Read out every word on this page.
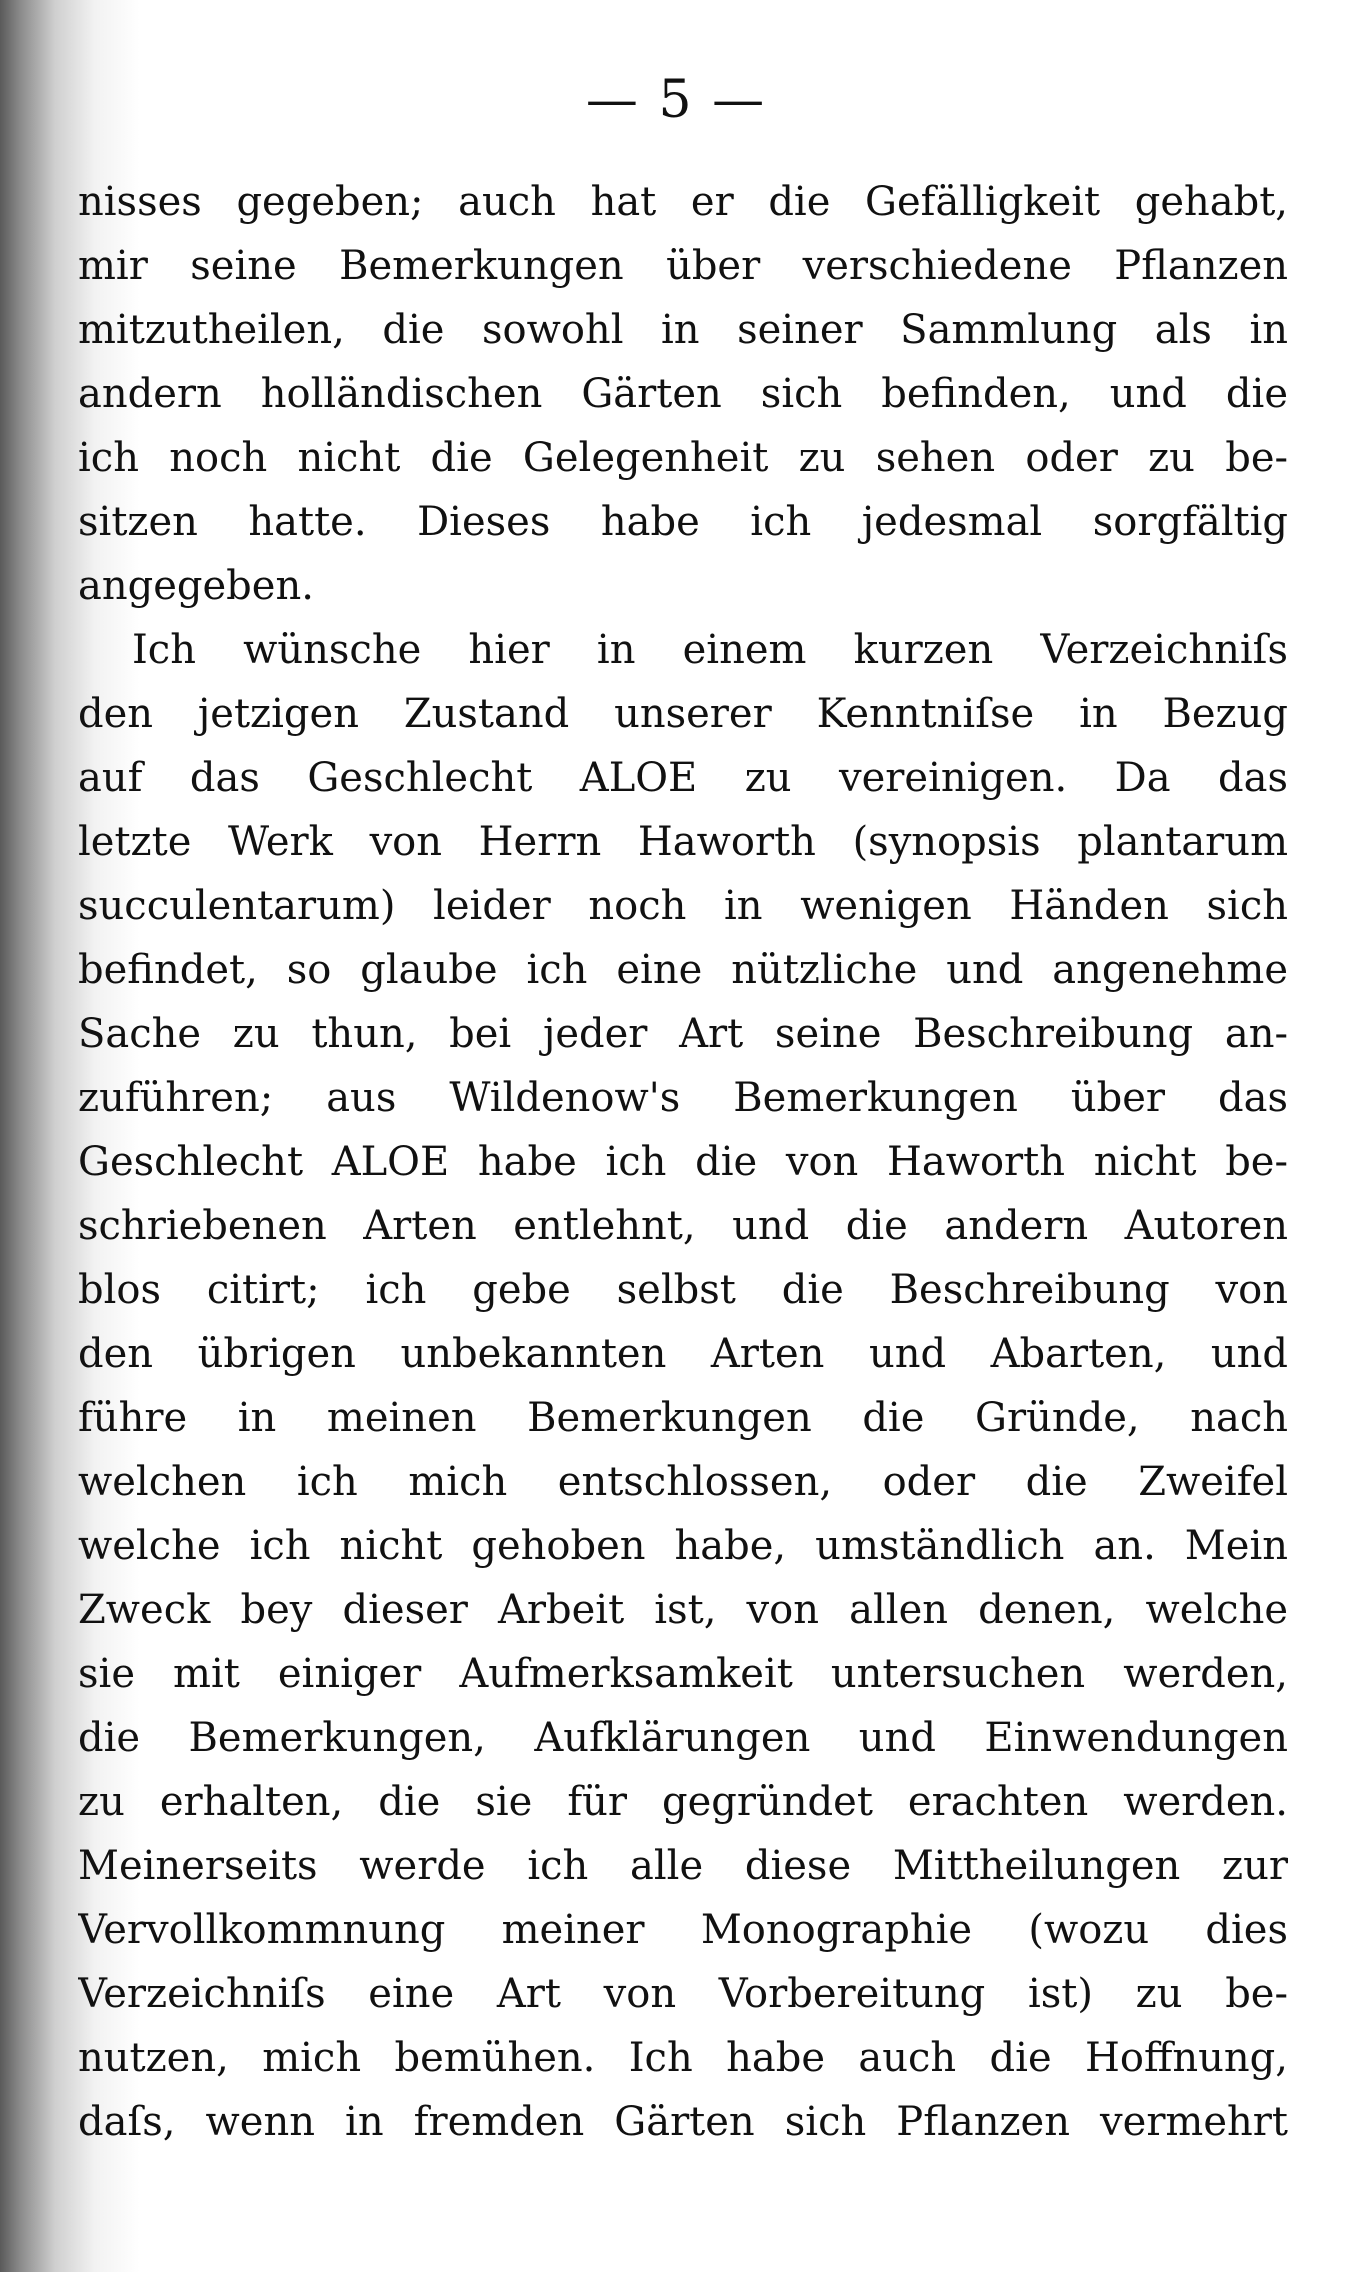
— 5 —
nisses gegeben; auch hat er die Gefälligkeit gehabt,
mir seine Bemerkungen über verschiedene Pflanzen
mitzutheilen, die sowohl in seiner Sammlung als in
andern holländischen Gärten sich befinden, und die
ich noch nicht die Gelegenheit zu sehen oder zu be-
sitzen hatte. Dieses habe ich jedesmal sorgfältig
angegeben.
Ich wünsche hier in einem kurzen Verzeichniſs
den jetzigen Zustand unserer Kenntniſse in Bezug
auf das Geschlecht ALOE zu vereinigen. Da das
letzte Werk von Herrn Haworth (synopsis plantarum
succulentarum) leider noch in wenigen Händen sich
befindet, so glaube ich eine nützliche und angenehme
Sache zu thun, bei jeder Art seine Beschreibung an-
zuführen; aus Wildenow's Bemerkungen über das
Geschlecht ALOE habe ich die von Haworth nicht be-
schriebenen Arten entlehnt, und die andern Autoren
blos citirt; ich gebe selbst die Beschreibung von
den übrigen unbekannten Arten und Abarten, und
führe in meinen Bemerkungen die Gründe, nach
welchen ich mich entschlossen, oder die Zweifel
welche ich nicht gehoben habe, umständlich an. Mein
Zweck bey dieser Arbeit ist, von allen denen, welche
sie mit einiger Aufmerksamkeit untersuchen werden,
die Bemerkungen, Aufklärungen und Einwendungen
zu erhalten, die sie für gegründet erachten werden.
Meinerseits werde ich alle diese Mittheilungen zur
Vervollkommnung meiner Monographie (wozu dies
Verzeichniſs eine Art von Vorbereitung ist) zu be-
nutzen, mich bemühen. Ich habe auch die Hoffnung,
daſs, wenn in fremden Gärten sich Pflanzen vermehrt
